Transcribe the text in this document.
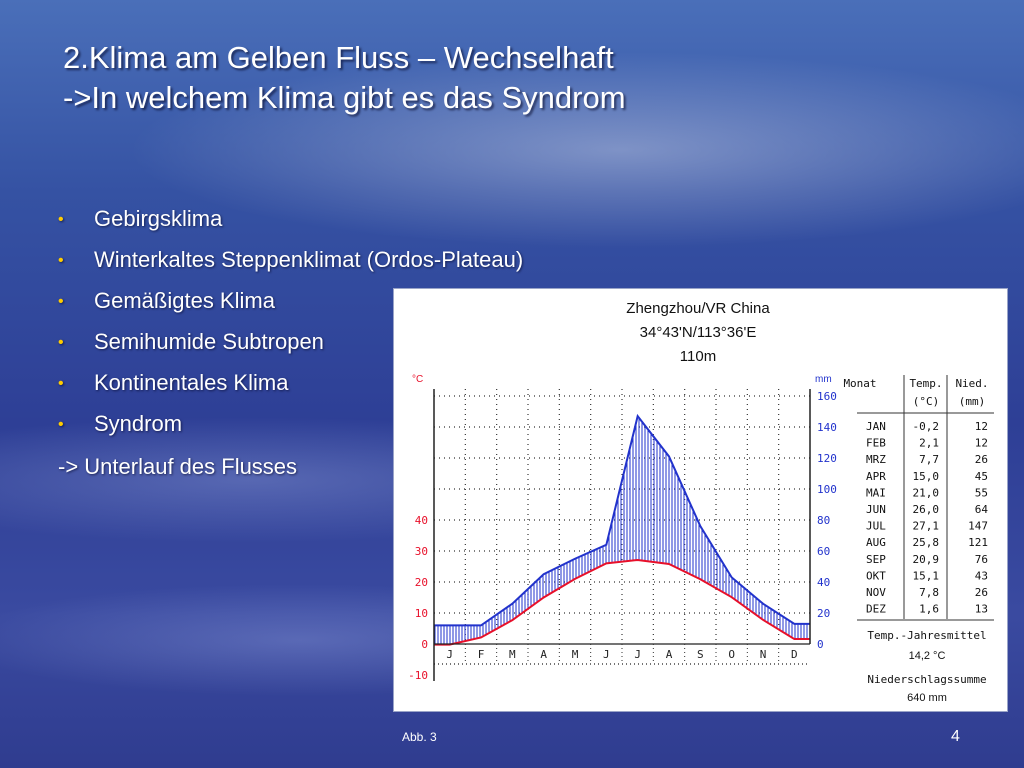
2.Klima am Gelben Fluss – Wechselhaft
->In welchem Klima gibt es das Syndrom
• Gebirgsklima
• Winterkaltes Steppenklimat (Ordos-Plateau)
• Gemäßigtes Klima
• Semihumide Subtropen
• Kontinentales Klima
• Syndrom
-> Unterlauf des Flusses
Zhengzhou/VR China
34°43'N/113°36'E
110m
°C	mm
-10
0
10
20
30
40
0
20
40
60
80
100
120
140
160
J F M A M J J A S O N D
Monat	Temp.
(°C)
Nied.
(mm)
JAN -0,2	12
FEB	2,1	12
MRZ	7,7	26
APR 15,0	45
MAI 21,0	55
JUN 26,0	64
JUL 27,1	147
AUG 25,8	121
SEP 20,9	76
OKT 15,1	43
NOV	7,8	26
DEZ	1,6	13
Temp.-Jahresmittel
14,2 °C
Niederschlagssumme
640 mm
Abb. 3	4
